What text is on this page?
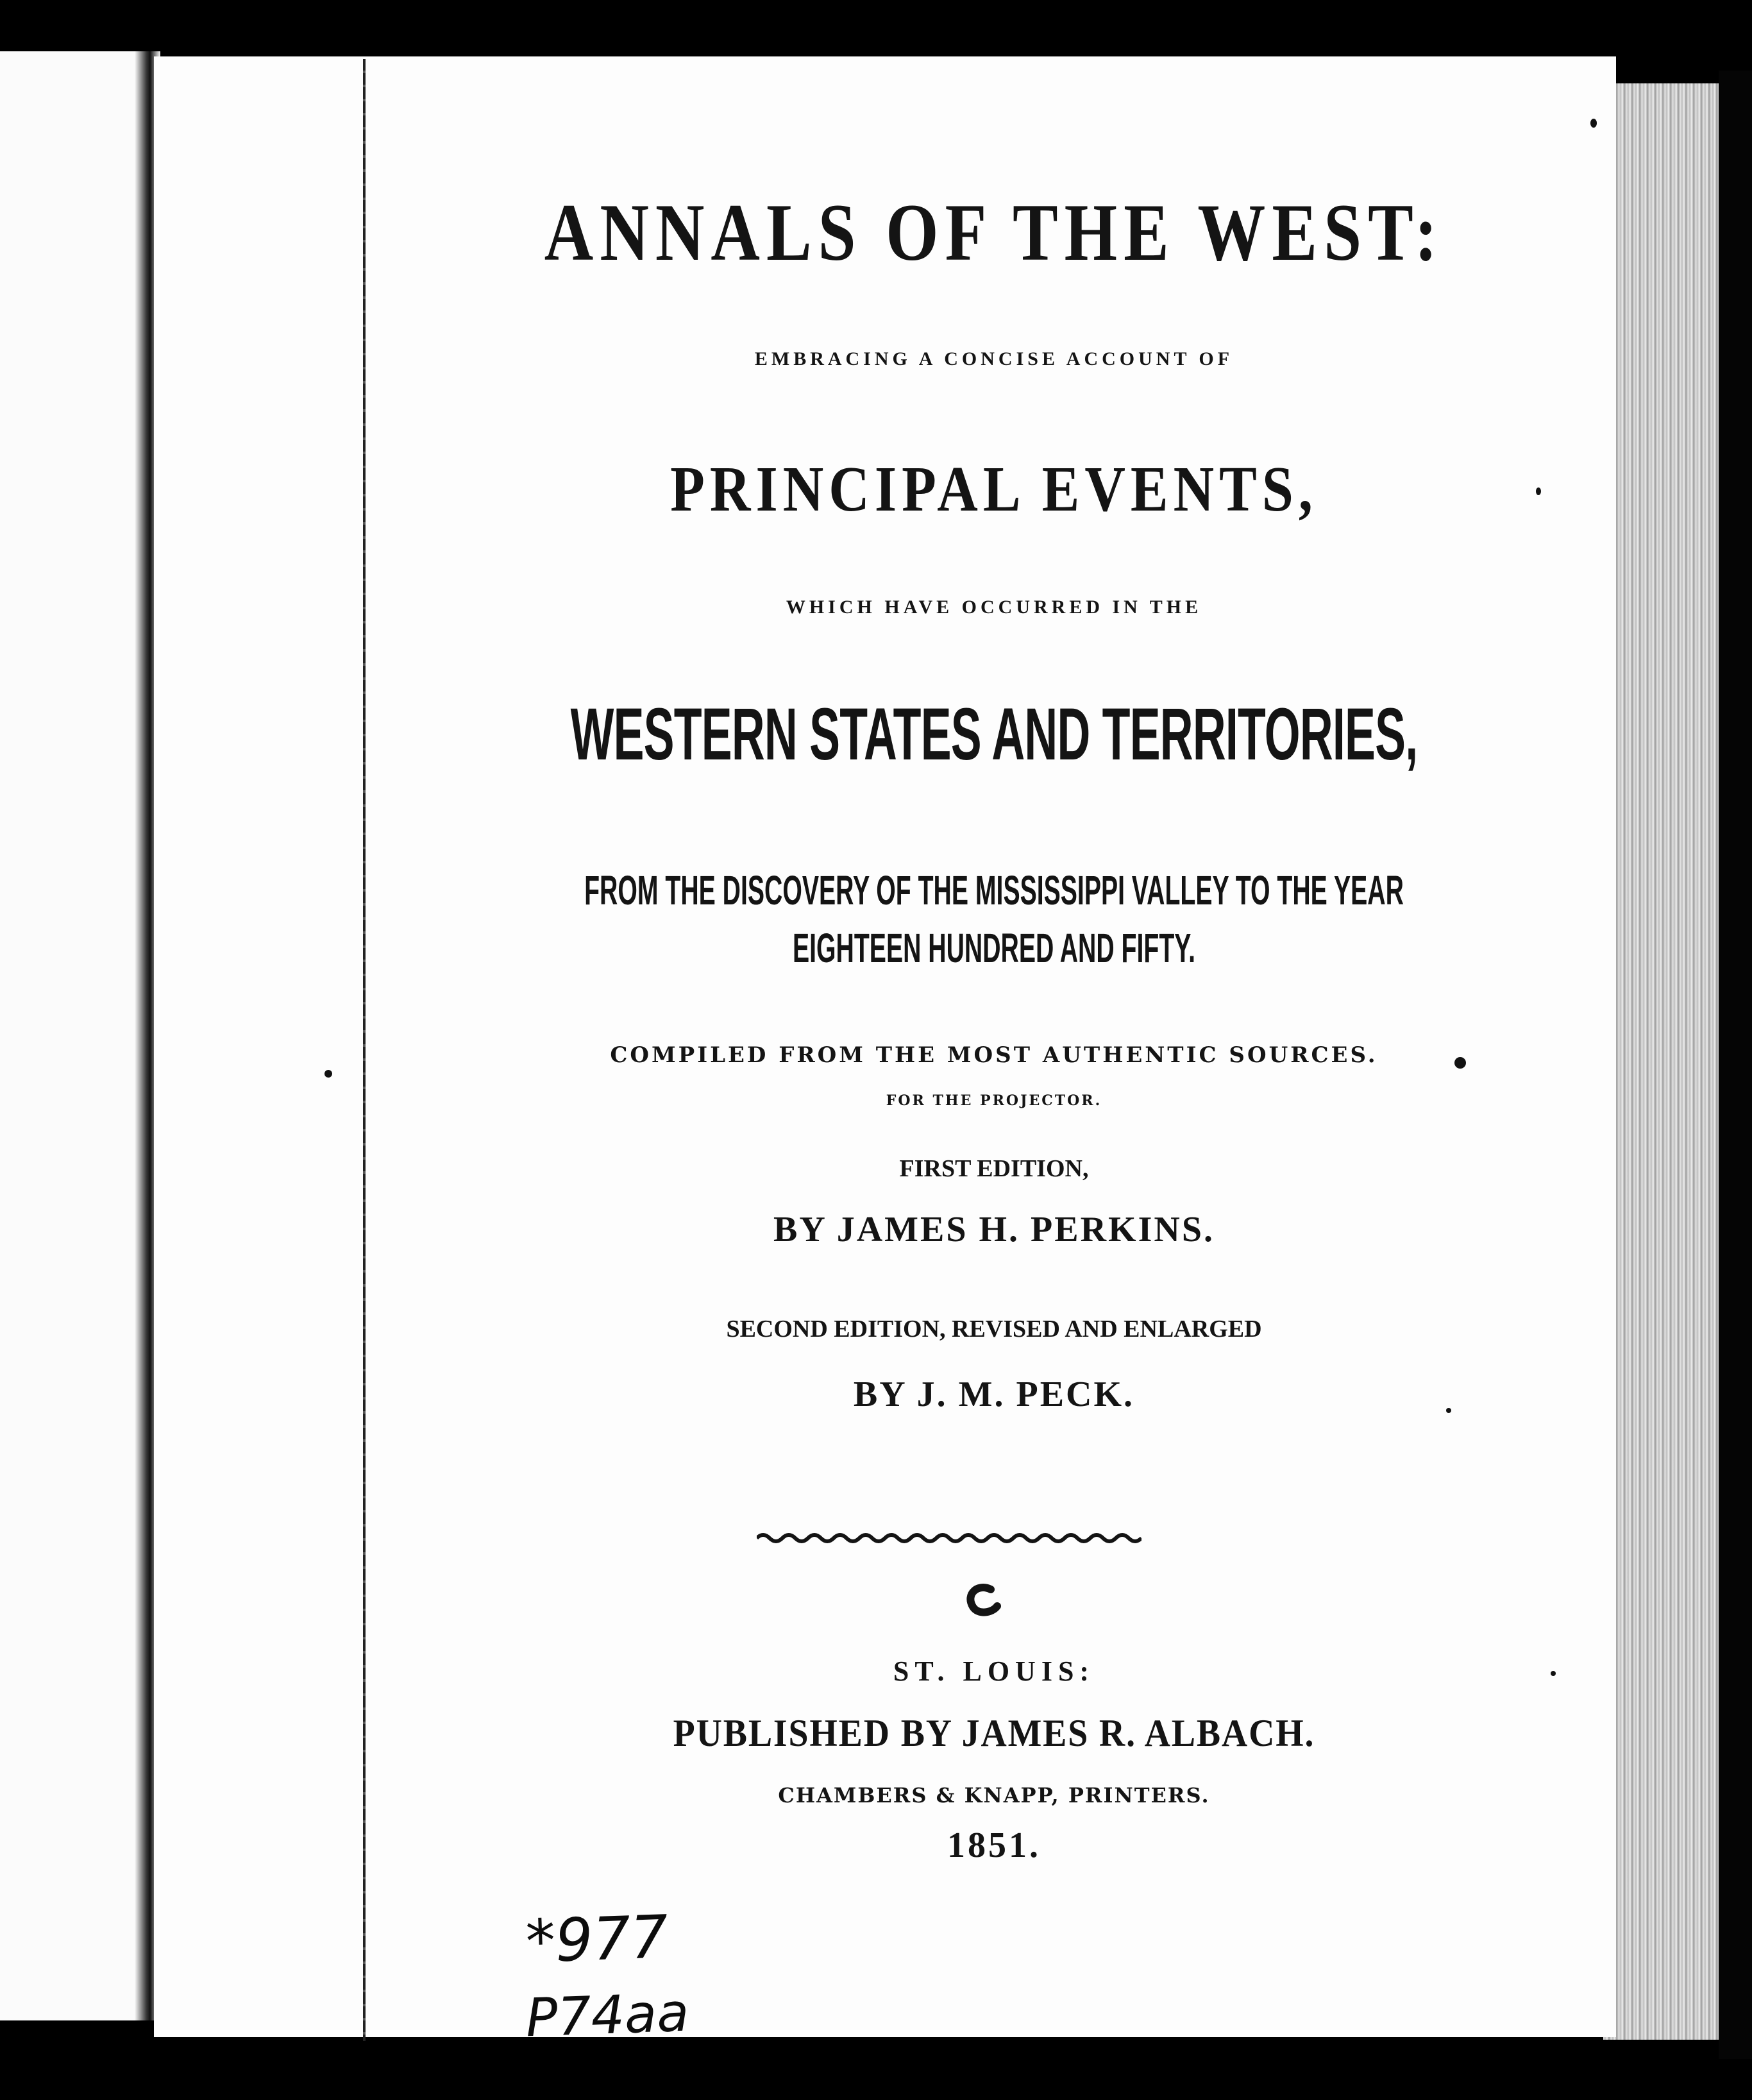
ANNALS OF THE WEST:
EMBRACING A CONCISE ACCOUNT OF
PRINCIPAL EVENTS,
WHICH HAVE OCCURRED IN THE
WESTERN STATES AND TERRITORIES,
FROM THE DISCOVERY OF THE MISSISSIPPI VALLEY TO THE YEAR
EIGHTEEN HUNDRED AND FIFTY.
COMPILED FROM THE MOST AUTHENTIC SOURCES.
FOR THE PROJECTOR.
FIRST EDITION,
BY JAMES H. PERKINS.
SECOND EDITION, REVISED AND ENLARGED
BY J. M. PECK.
ST. LOUIS:
PUBLISHED BY JAMES R. ALBACH.
CHAMBERS & KNAPP, PRINTERS.
1851.
*977
P74aa
